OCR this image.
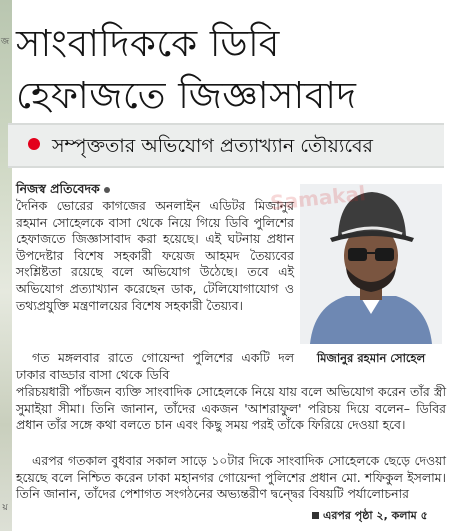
জ
য়
সাংবাদিককে ডিবি
হেফাজতে জিজ্ঞাসাবাদ
সম্পৃক্ততার অভিযোগ প্রত্যাখ্যান তৌয়্যবের
নিজস্ব প্রতিবেদক
দৈনিক ভোরের কাগজের অনলাইন এডিটর মিজানুর রহমান সোহেলকে বাসা থেকে নিয়ে গিয়ে ডিবি পুলিশের হেফাজতে জিজ্ঞাসাবাদ করা হয়েছে। এই ঘটনায় প্রধান উপদেষ্টার বিশেষ সহকারী ফয়েজ আহমদ তৈয়্যবের সংশ্লিষ্টতা রয়েছে বলে অভিযোগ উঠেছে। তবে এই অভিযোগ প্রত্যাখ্যান করেছেন ডাক, টেলিযোগাযোগ ও তথ্যপ্রযুক্তি মন্ত্রণালয়ের বিশেষ সহকারী তৈয়্যব।
গত মঙ্গলবার রাতে গোয়েন্দা পুলিশের একটি দল ঢাকার বাড্ডার বাসা থেকে ডিবি
পরিচয়ধারী পাঁচজন ব্যক্তি সাংবাদিক সোহেলকে নিয়ে যায় বলে অভিযোগ করেন তাঁর স্ত্রী সুমাইয়া সীমা। তিনি জানান, তাঁদের একজন 'আশরাফুল' পরিচয় দিয়ে বলেন– ডিবির প্রধান তাঁর সঙ্গে কথা বলতে চান এবং কিছু সময় পরই তাঁকে ফিরিয়ে দেওয়া হবে।
এরপর গতকাল বুধবার সকাল সাড়ে ১০টার দিকে সাংবাদিক সোহেলকে ছেড়ে দেওয়া হয়েছে বলে নিশ্চিত করেন ঢাকা মহানগর গোয়েন্দা পুলিশের প্রধান মো. শফিকুল ইসলাম। তিনি জানান, তাঁদের পেশাগত সংগঠনের অভ্যন্তরীণ দ্বন্দ্বের বিষয়টি পর্যালোচনার
মিজানুর রহমান সোহেল
এরপর পৃষ্ঠা ২, কলাম ৫
